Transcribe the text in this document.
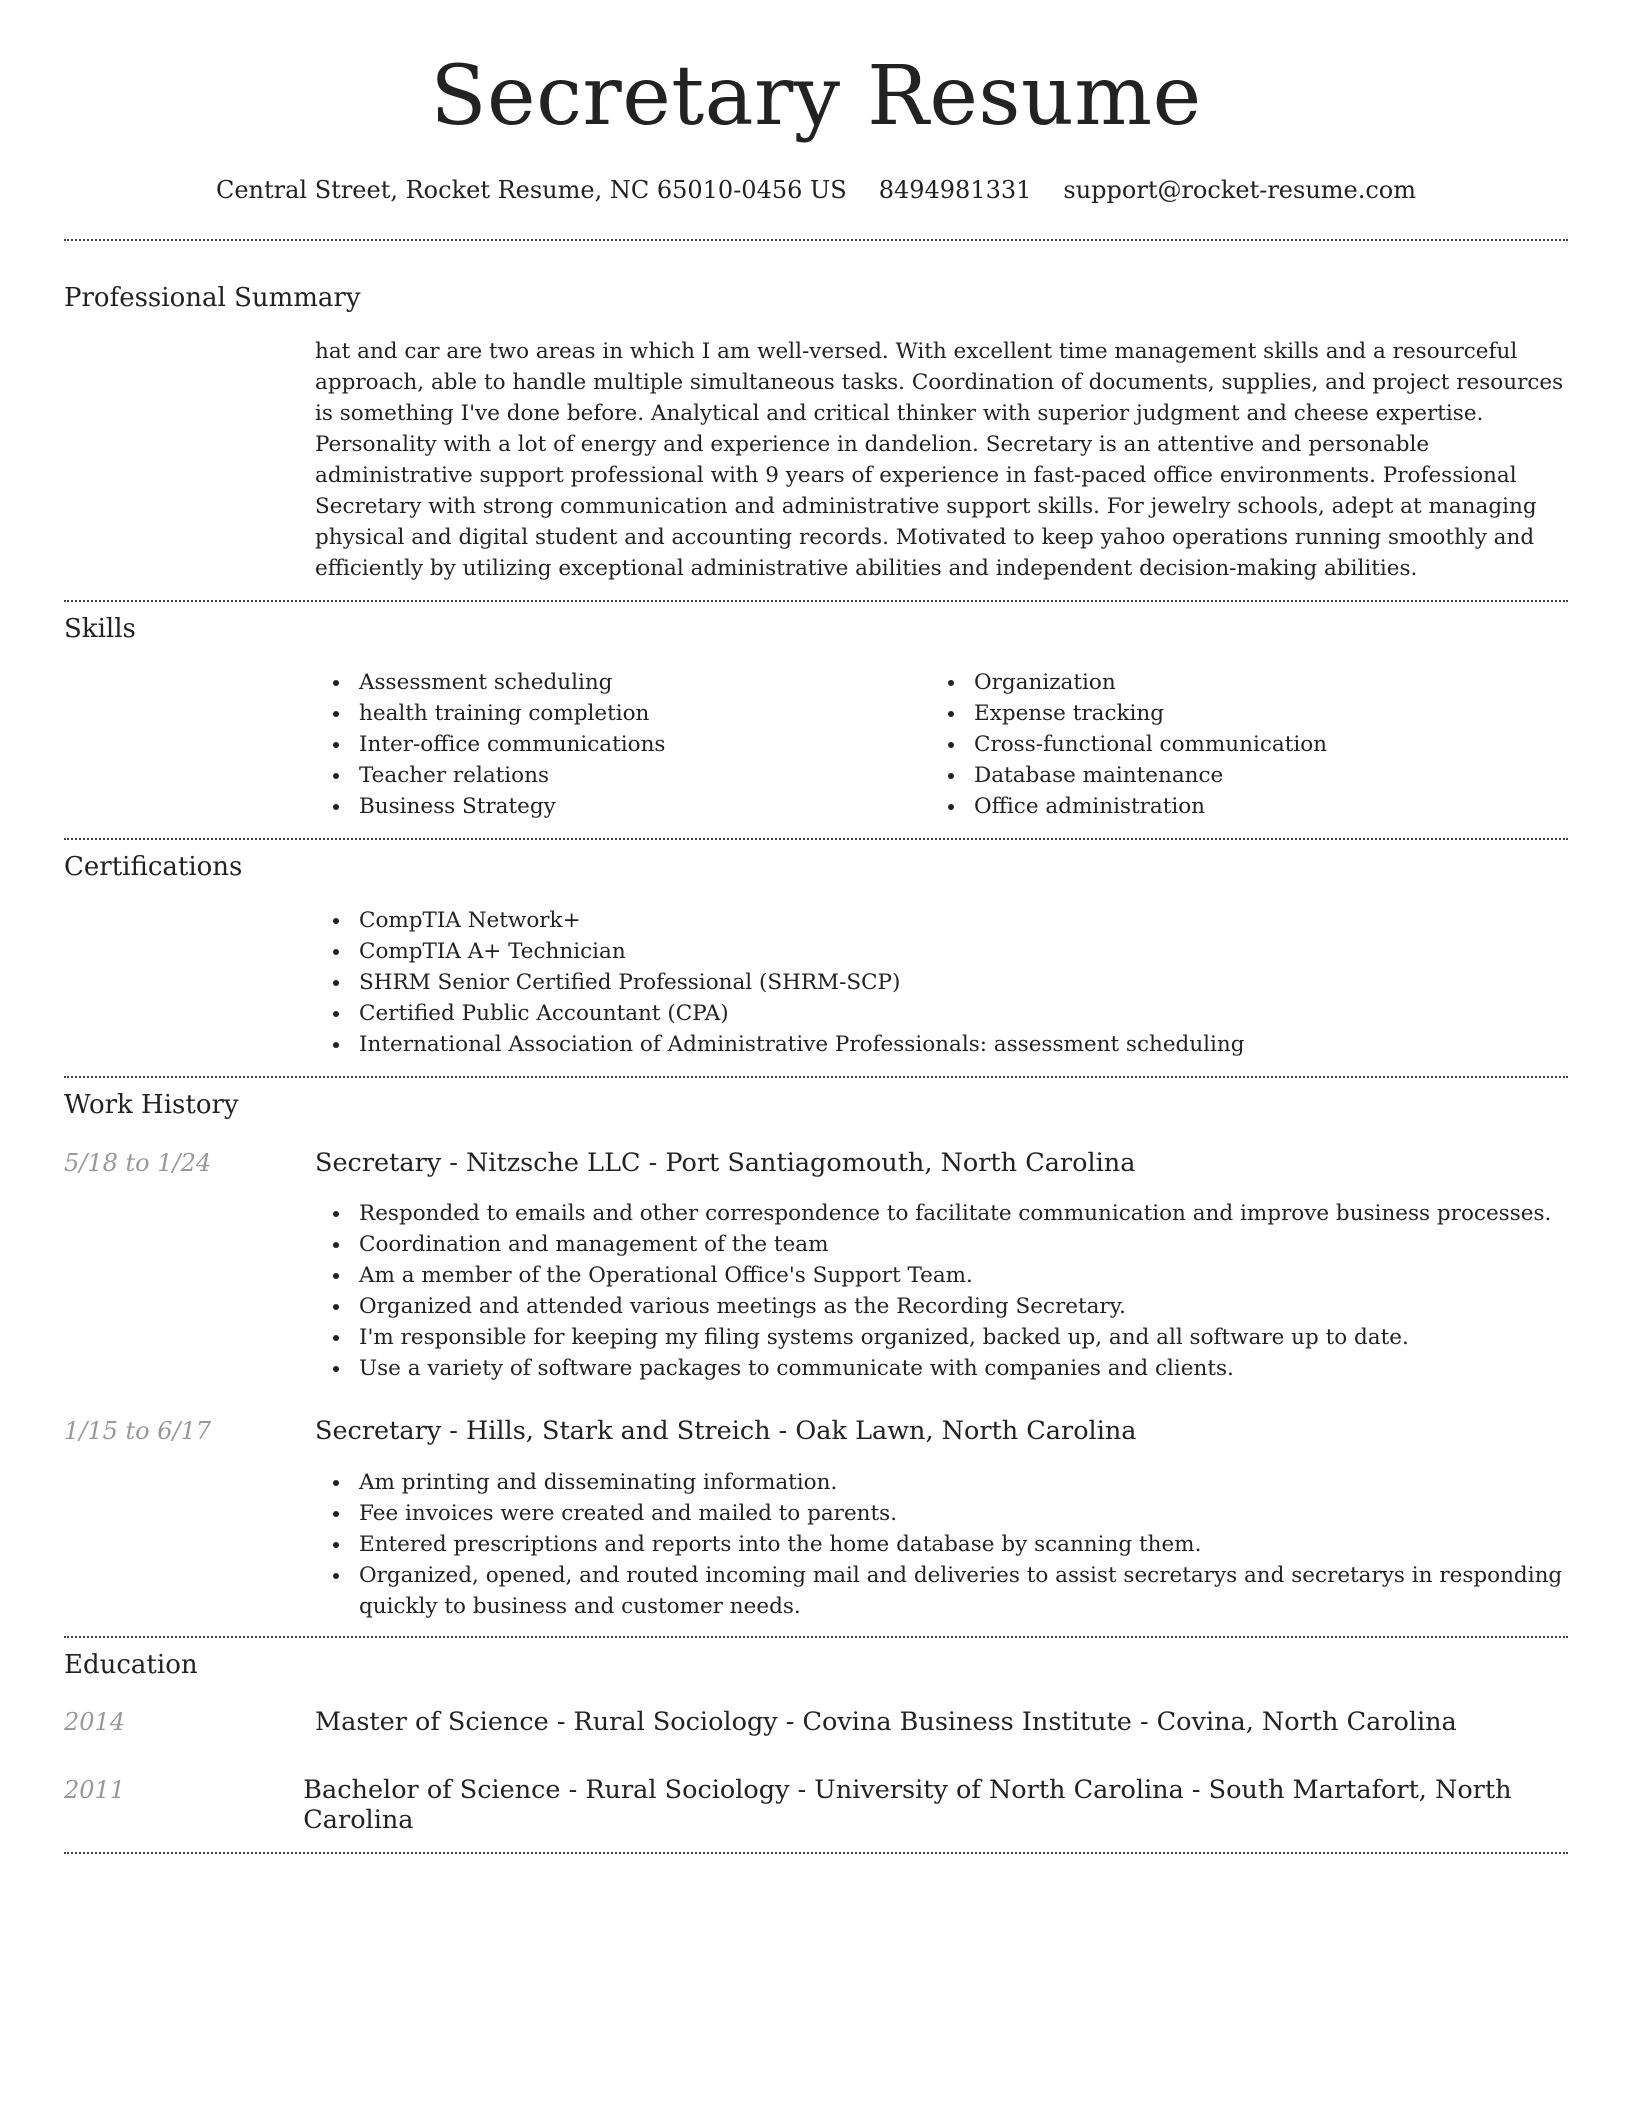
Secretary Resume
Central Street, Rocket Resume, NC 65010-0456 US 8494981331 support@rocket-resume.com
Professional Summary

hat and car are two areas in which I am well-versed. With excellent time management skills and a resourceful approach, able to handle multiple simultaneous tasks. Coordination of documents, supplies, and project resources is something I've done before. Analytical and critical thinker with superior judgment and cheese expertise. Personality with a lot of energy and experience in dandelion. Secretary is an attentive and personable administrative support professional with 9 years of experience in fast-paced office environments. Professional Secretary with strong communication and administrative support skills. For jewelry schools, adept at managing physical and digital student and accounting records. Motivated to keep yahoo operations running smoothly and efficiently by utilizing exceptional administrative abilities and independent decision-making abilities.

Skills
Assessment scheduling
health training completion
Inter-office communications
Teacher relations
Business Strategy
Organization
Expense tracking
Cross-functional communication
Database maintenance
Office administration
Certifications
CompTIA Network+
CompTIA A+ Technician
SHRM Senior Certified Professional (SHRM-SCP)
Certified Public Accountant (CPA)
International Association of Administrative Professionals: assessment scheduling
Work History
5/18 to 1/24	Secretary - Nitzsche LLC - Port Santiagomouth, North Carolina
Responded to emails and other correspondence to facilitate communication and improve business processes.
Coordination and management of the team
Am a member of the Operational Office's Support Team.
Organized and attended various meetings as the Recording Secretary.
I'm responsible for keeping my filing systems organized, backed up, and all software up to date.
Use a variety of software packages to communicate with companies and clients.
1/15 to 6/17	Secretary - Hills, Stark and Streich - Oak Lawn, North Carolina
Am printing and disseminating information.
Fee invoices were created and mailed to parents.
Entered prescriptions and reports into the home database by scanning them.
Organized, opened, and routed incoming mail and deliveries to assist secretarys and secretarys in responding quickly to business and customer needs.
Education
2014	Master of Science - Rural Sociology - Covina Business Institute - Covina, North Carolina
2011	Bachelor of Science - Rural Sociology - University of North Carolina - South Martafort, North Carolina
